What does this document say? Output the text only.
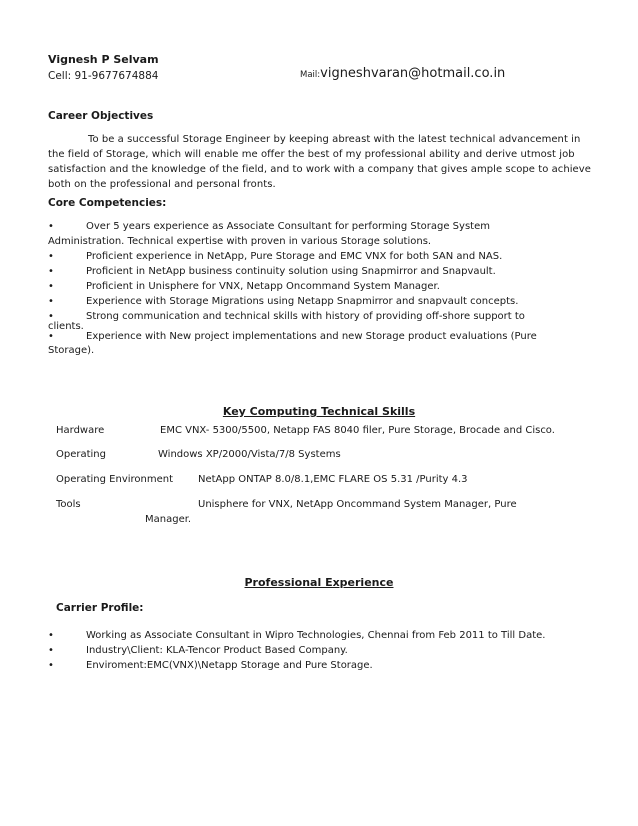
Vignesh P Selvam
Cell: 91-9677674884	Mail:vigneshvaran@hotmail.co.in
Career Objectives
To be a successful Storage Engineer by keeping abreast with the latest technical advancement in the field of Storage, which will enable me offer the best of my professional ability and derive utmost job satisfaction and the knowledge of the field, and to work with a company that gives ample scope to achieve both on the professional and personal fronts.
Core Competencies:
•	Over 5 years experience as Associate Consultant for performing Storage System
Administration. Technical expertise with proven in various Storage solutions.
•	Proficient experience in NetApp, Pure Storage and EMC VNX for both SAN and NAS.
•	Proficient in NetApp business continuity solution using Snapmirror and Snapvault.
•	Proficient in Unisphere for VNX, Netapp Oncommand System Manager.
•	Experience with Storage Migrations using Netapp Snapmirror and snapvault concepts.
•	Strong communication and technical skills with history of providing off-shore support to
clients.
•	Experience with New project implementations and new Storage product evaluations (Pure
Storage).
Key Computing Technical Skills
Hardware	EMC VNX- 5300/5500, Netapp FAS 8040 filer, Pure Storage, Brocade and Cisco.
Operating	Windows XP/2000/Vista/7/8 Systems
Operating Environment NetApp ONTAP 8.0/8.1,EMC FLARE OS 5.31 /Purity 4.3
Tools	Unisphere for VNX, NetApp Oncommand System Manager, Pure
Manager.
Professional Experience
Carrier Profile:
•	Working as Associate Consultant in Wipro Technologies, Chennai from Feb 2011 to Till Date.
•	Industry\Client: KLA-Tencor Product Based Company.
•	Enviroment:EMC(VNX)\Netapp Storage and Pure Storage.
